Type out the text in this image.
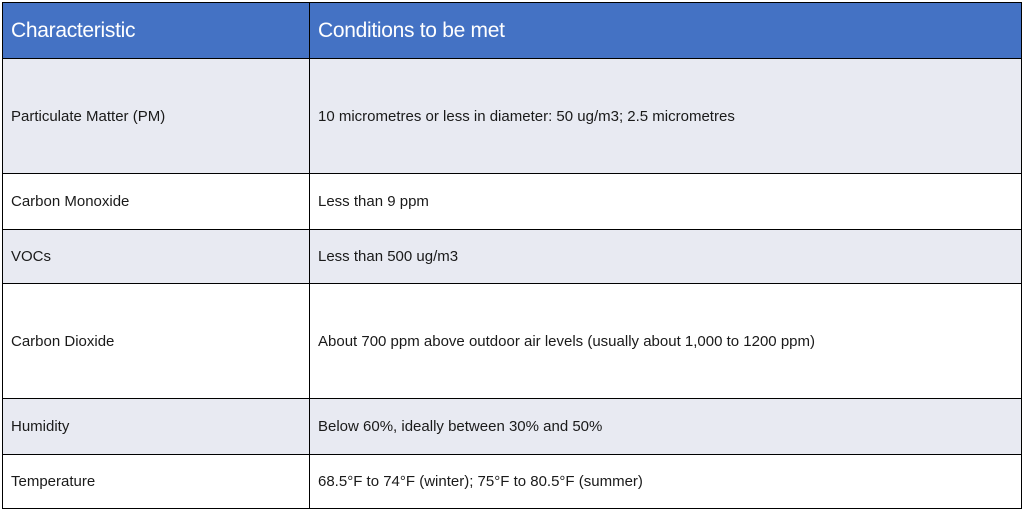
Characteristic	Conditions to be met
Particulate Matter (PM)	10 micrometres or less in diameter: 50 ug/m3; 2.5 micrometres
Carbon Monoxide	Less than 9 ppm
VOCs	Less than 500 ug/m3
Carbon Dioxide	About 700 ppm above outdoor air levels (usually about 1,000 to 1200 ppm)
Humidity	Below 60%, ideally between 30% and 50%
Temperature	68.5°F to 74°F (winter); 75°F to 80.5°F (summer)
